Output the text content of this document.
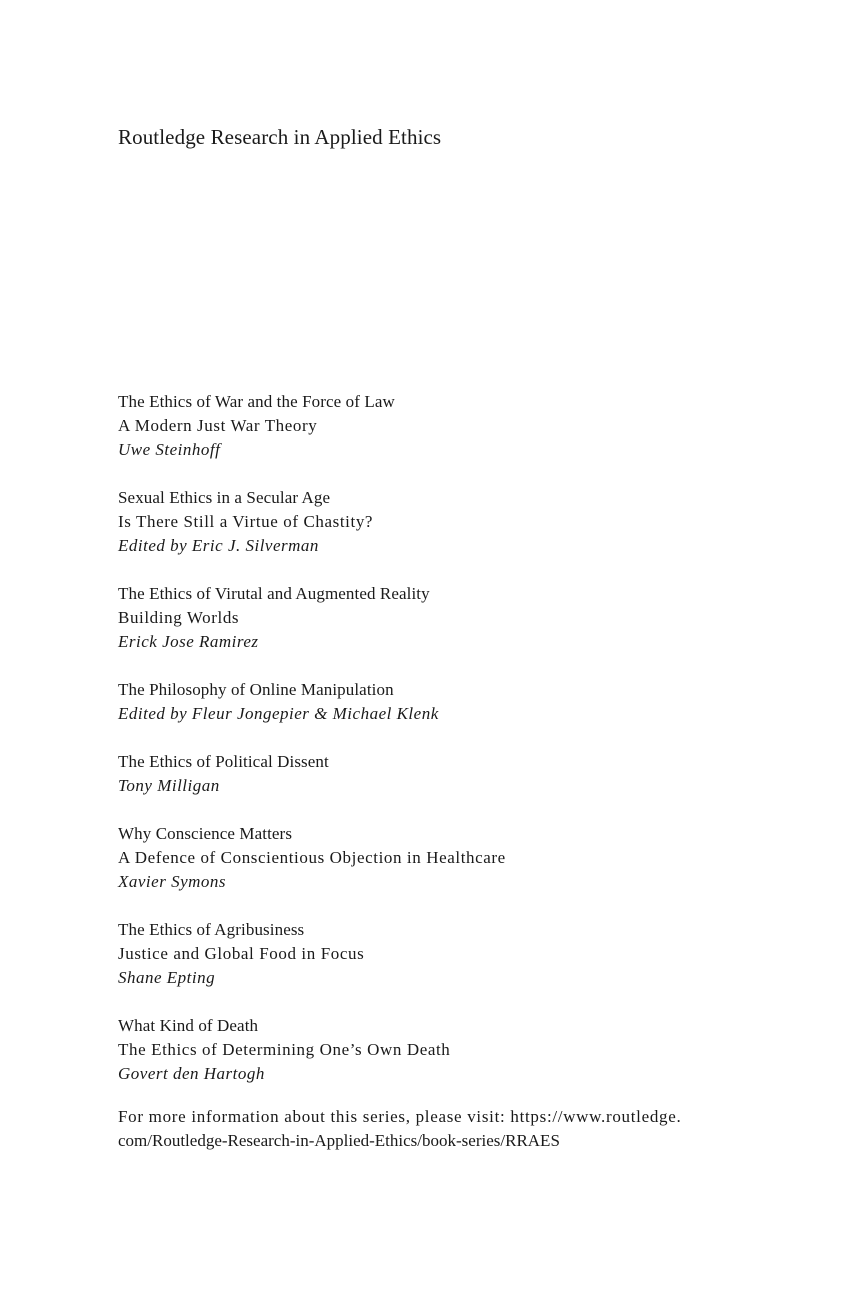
Routledge Research in Applied Ethics
The Ethics of War and the Force of Law
A Modern Just War Theory
Uwe Steinhoff
Sexual Ethics in a Secular Age
Is There Still a Virtue of Chastity?
Edited by Eric J. Silverman
The Ethics of Virutal and Augmented Reality
Building Worlds
Erick Jose Ramirez
The Philosophy of Online Manipulation
Edited by Fleur Jongepier & Michael Klenk
The Ethics of Political Dissent
Tony Milligan
Why Conscience Matters
A Defence of Conscientious Objection in Healthcare
Xavier Symons
The Ethics of Agribusiness
Justice and Global Food in Focus
Shane Epting
What Kind of Death
The Ethics of Determining One’s Own Death
Govert den Hartogh

For more information about this series, please visit: https://www.routledge.
com/Routledge-Research-in-Applied-Ethics/book-series/RRAES
